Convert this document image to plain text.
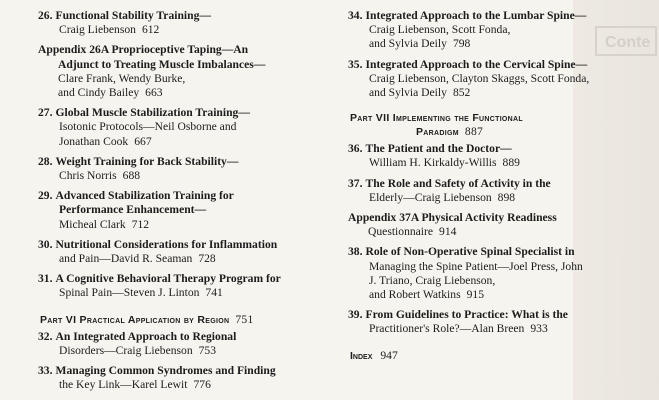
Conte
26. Functional Stability Training—
Craig Liebenson 612
Appendix 26A Proprioceptive Taping—An
Adjunct to Treating Muscle Imbalances—
Clare Frank, Wendy Burke,
and Cindy Bailey 663
27. Global Muscle Stabilization Training—
Isotonic Protocols—Neil Osborne and
Jonathan Cook 667
28. Weight Training for Back Stability—
Chris Norris 688
29. Advanced Stabilization Training for
Performance Enhancement—
Micheal Clark 712
30. Nutritional Considerations for Inflammation
and Pain—David R. Seaman 728
31. A Cognitive Behavioral Therapy Program for
Spinal Pain—Steven J. Linton 741
Part VI Practical Application by Region 751
32. An Integrated Approach to Regional
Disorders—Craig Liebenson 753
33. Managing Common Syndromes and Finding
the Key Link—Karel Lewit 776
34. Integrated Approach to the Lumbar Spine—
Craig Liebenson, Scott Fonda,
and Sylvia Deily 798
35. Integrated Approach to the Cervical Spine—
Craig Liebenson, Clayton Skaggs, Scott Fonda,
and Sylvia Deily 852
Part VII Implementing the Functional
Paradigm 887
36. The Patient and the Doctor—
William H. Kirkaldy-Willis 889
37. The Role and Safety of Activity in the
Elderly—Craig Liebenson 898
Appendix 37A Physical Activity Readiness
Questionnaire 914
38. Role of Non-Operative Spinal Specialist in
Managing the Spine Patient—Joel Press, John
J. Triano, Craig Liebenson,
and Robert Watkins 915
39. From Guidelines to Practice: What is the
Practitioner's Role?—Alan Breen 933
Index 947
